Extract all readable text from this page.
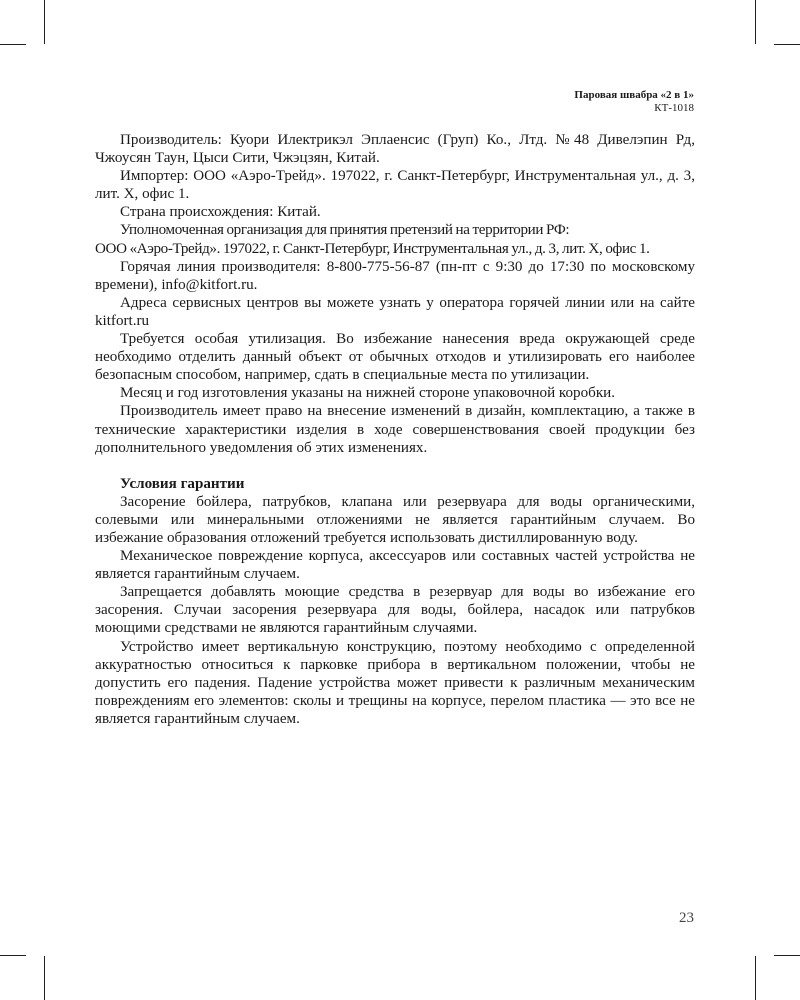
Паровая швабра «2 в 1»
КТ-1018

Производитель: Куори Илектрикэл Эплаенсис (Груп) Ко., Лтд. №48 Дивелэпин Рд, Чжоусян Таун, Цыси Сити, Чжэцзян, Китай.

Импортер: ООО «Аэро-Трейд». 197022, г. Санкт-Петербург, Инструментальная ул., д. 3, лит. Х, офис 1.

Страна происхождения: Китай.

Уполномоченная организация для принятия претензий на территории РФ:

ООО «Аэро-Трейд». 197022, г. Санкт-Петербург, Инструментальная ул., д. 3, лит. Х, офис 1.

Горячая линия производителя: 8-800-775-56-87 (пн-пт с 9:30 до 17:30 по московскому времени), info@kitfort.ru.

Адреса сервисных центров вы можете узнать у оператора горячей линии или на сайте kitfort.ru

Требуется особая утилизация. Во избежание нанесения вреда окружающей среде необходимо отделить данный объект от обычных отходов и утилизировать его наиболее безопасным способом, например, сдать в специальные места по утилизации.

Месяц и год изготовления указаны на нижней стороне упаковочной коробки.

Производитель имеет право на внесение изменений в дизайн, комплектацию, а также в технические характеристики изделия в ходе совершенствования своей продукции без дополнительного уведомления об этих изменениях.

Условия гарантии

Засорение бойлера, патрубков, клапана или резервуара для воды органическими, солевыми или минеральными отложениями не является гарантийным случаем. Во избежание образования отложений требуется использовать дистиллированную воду.

Механическое повреждение корпуса, аксессуаров или составных частей устройства не является гарантийным случаем.

Запрещается добавлять моющие средства в резервуар для воды во избежание его засорения. Случаи засорения резервуара для воды, бойлера, насадок или патрубков моющими средствами не являются гарантийным случаями.

Устройство имеет вертикальную конструкцию, поэтому необходимо с определенной аккуратностью относиться к парковке прибора в вертикальном положении, чтобы не допустить его падения. Падение устройства может привести к различным механическим повреждениям его элементов: сколы и трещины на корпусе, перелом пластика — это все не является гарантийным случаем.

23
